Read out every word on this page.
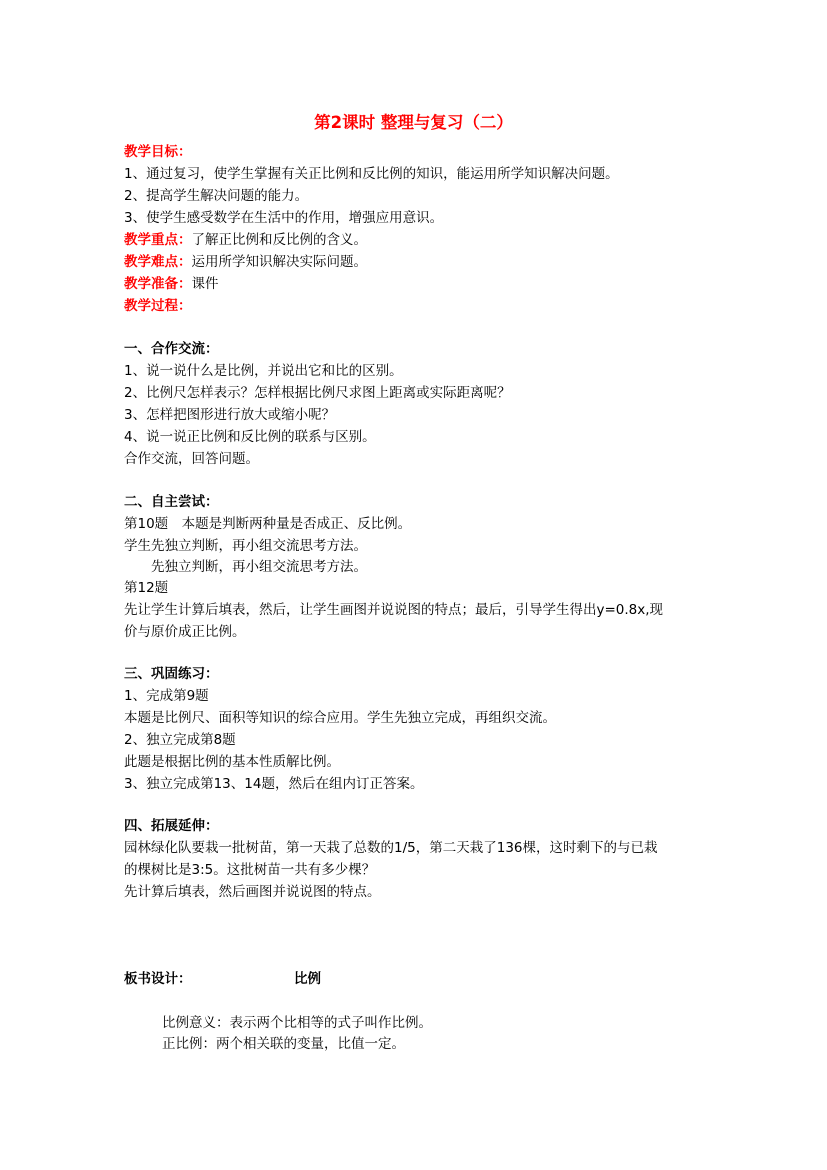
第2课时 整理与复习（二）
教学目标：
1、通过复习，使学生掌握有关正比例和反比例的知识，能运用所学知识解决问题。
2、提高学生解决问题的能力。
3、使学生感受数学在生活中的作用，增强应用意识。
教学重点：了解正比例和反比例的含义。
教学难点：运用所学知识解决实际问题。
教学准备：课件
教学过程：
一、合作交流：
1、说一说什么是比例，并说出它和比的区别。
2、比例尺怎样表示？怎样根据比例尺求图上距离或实际距离呢？
3、怎样把图形进行放大或缩小呢？
4、说一说正比例和反比例的联系与区别。
合作交流，回答问题。
二、自主尝试：
第10题　本题是判断两种量是否成正、反比例。
学生先独立判断，再小组交流思考方法。
　　先独立判断，再小组交流思考方法。
第12题
先让学生计算后填表，然后，让学生画图并说说图的特点；最后，引导学生得出y=0.8x,现
价与原价成正比例。
三、巩固练习：
1、完成第9题
本题是比例尺、面积等知识的综合应用。学生先独立完成，再组织交流。
2、独立完成第8题
此题是根据比例的基本性质解比例。
3、独立完成第13、14题，然后在组内订正答案。
四、拓展延伸：
园林绿化队要栽一批树苗，第一天栽了总数的1/5，第二天栽了136棵，这时剩下的与已栽
的棵树比是3:5。这批树苗一共有多少棵？
先计算后填表，然后画图并说说图的特点。
板书设计：	比例
比例意义：表示两个比相等的式子叫作比例。
正比例：两个相关联的变量，比值一定。
